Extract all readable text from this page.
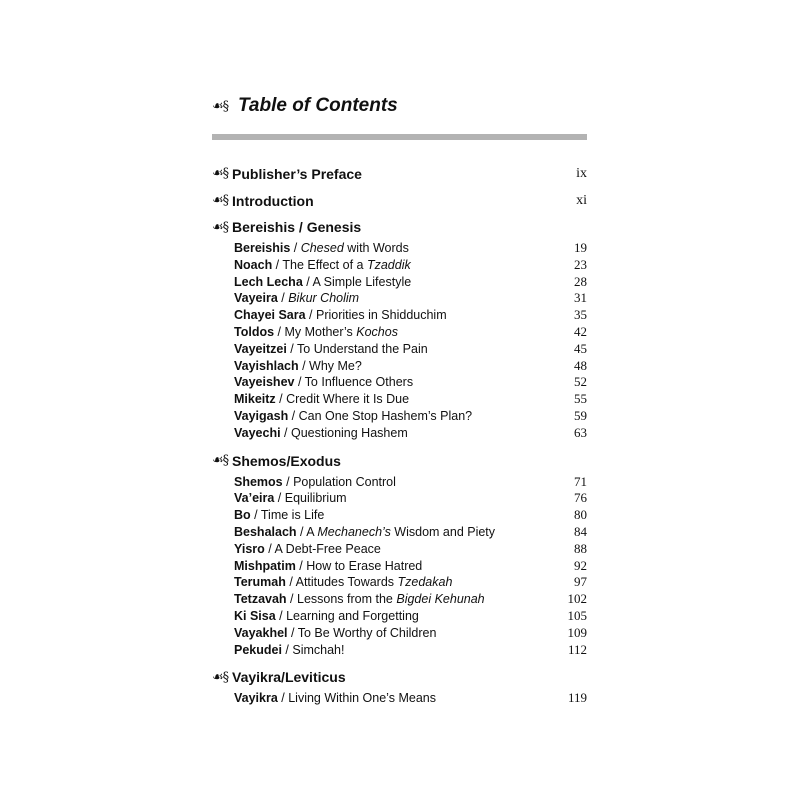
☙§ Table of Contents
☙§ Publisher’s Preface	ix
☙§ Introduction	xi
☙§ Bereishis / Genesis
Bereishis / Chesed with Words	19
Noach / The Effect of a Tzaddik	23
Lech Lecha / A Simple Lifestyle	28
Vayeira / Bikur Cholim	31
Chayei Sara / Priorities in Shidduchim	35
Toldos / My Mother’s Kochos	42
Vayeitzei / To Understand the Pain	45
Vayishlach / Why Me?	48
Vayeishev / To Influence Others	52
Mikeitz / Credit Where it Is Due	55
Vayigash / Can One Stop Hashem’s Plan?	59
Vayechi / Questioning Hashem	63
☙§ Shemos/Exodus
Shemos / Population Control	71
Va’eira / Equilibrium	76
Bo / Time is Life	80
Beshalach / A Mechanech’s Wisdom and Piety	84
Yisro / A Debt-Free Peace	88
Mishpatim / How to Erase Hatred	92
Terumah / Attitudes Towards Tzedakah	97
Tetzavah / Lessons from the Bigdei Kehunah	102
Ki Sisa / Learning and Forgetting	105
Vayakhel / To Be Worthy of Children	109
Pekudei / Simchah!	112
☙§ Vayikra/Leviticus
Vayikra / Living Within One’s Means	119
